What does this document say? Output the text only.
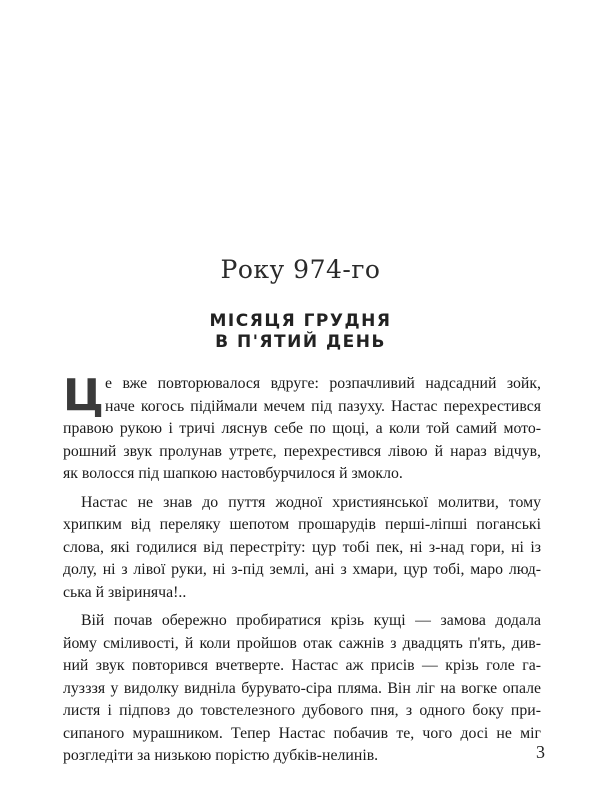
Року 974-го
МІСЯЦЯ ГРУДНЯ
В П'ЯТИЙ ДЕНЬ
Ц е вже повторювалося вдруге: розпачливий надсадний зойк,
наче когось підіймали мечем під пазуху. Настас перехрестився
правою рукою і тричі ляснув себе по щоці, а коли той самий мото-
рошний звук пролунав утретє, перехрестився лівою й нараз відчув,
як волосся під шапкою настовбурчилося й змокло.
Настас не знав до пуття жодної християнської молитви, тому
хрипким від переляку шепотом прошарудів перші-ліпші поганські
слова, які годилися від перестріту: цур тобі пек, ні з-над гори, ні із
долу, ні з лівої руки, ні з-під землі, ані з хмари, цур тобі, маро люд-
ська й звіриняча!..
Вій почав обережно пробиратися крізь кущі — замова додала
йому сміливості, й коли пройшов отак сажнів з двадцять п'ять, див-
ний звук повторився вчетверте. Настас аж присів — крізь голе га-
лузззя у видолку виднілa бурувато-сіра пляма. Він ліг на вогке опале
листя і підповз до товстелезного дубового пня, з одного боку при-
сипаного мурашником. Тепер Настас побачив те, чого досі не міг
розгледіти за низькою порістю дубків-нелинів.	3
